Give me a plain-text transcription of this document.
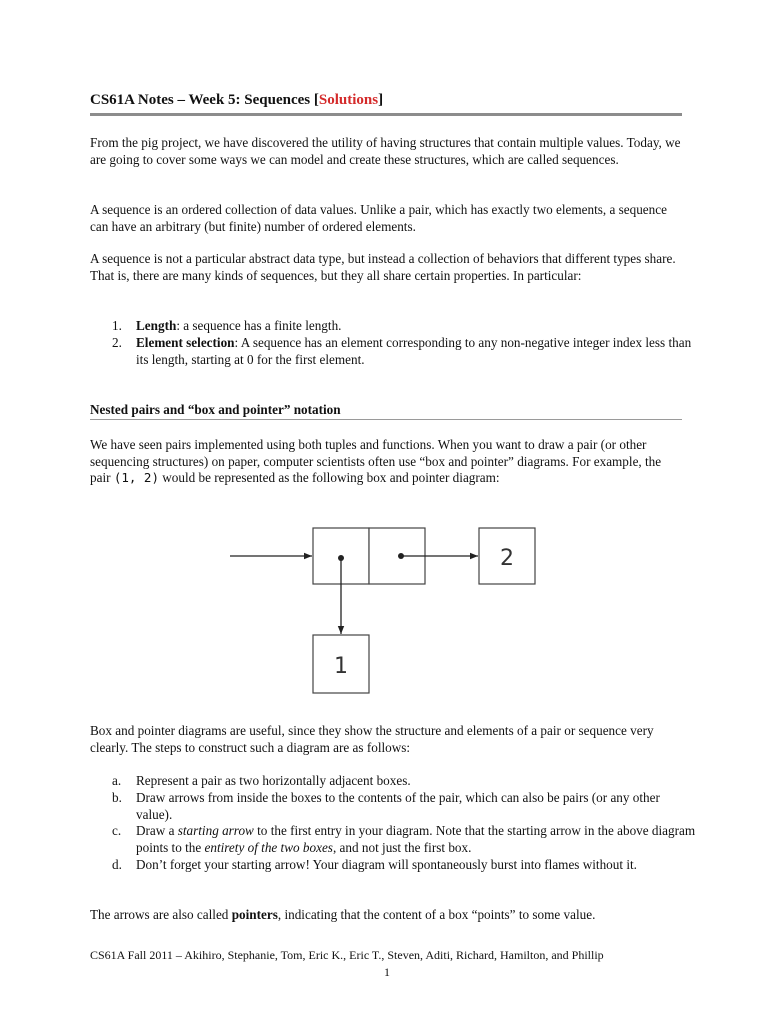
CS61A Notes – Week 5: Sequences [Solutions]

From the pig project, we have discovered the utility of having structures that contain multiple values. Today, we are going to cover some ways we can model and create these structures, which are called sequences.

A sequence is an ordered collection of data values. Unlike a pair, which has exactly two elements, a sequence can have an arbitrary (but finite) number of ordered elements.

A sequence is not a particular abstract data type, but instead a collection of behaviors that different types share. That is, there are many kinds of sequences, but they all share certain properties. In particular:

1. Length: a sequence has a finite length.
2. Element selection: A sequence has an element corresponding to any non-negative integer index less than its length, starting at 0 for the first element.
Nested pairs and “box and pointer” notation

We have seen pairs implemented using both tuples and functions. When you want to draw a pair (or other sequencing structures) on paper, computer scientists often use “box and pointer” diagrams. For example, the pair (1, 2) would be represented as the following box and pointer diagram:

2
1

Box and pointer diagrams are useful, since they show the structure and elements of a pair or sequence very clearly. The steps to construct such a diagram are as follows:

a. Represent a pair as two horizontally adjacent boxes.
b. Draw arrows from inside the boxes to the contents of the pair, which can also be pairs (or any other value).
c. Draw a starting arrow to the first entry in your diagram. Note that the starting arrow in the above diagram points to the entirety of the two boxes, and not just the first box.
d. Don’t forget your starting arrow! Your diagram will spontaneously burst into flames without it.

The arrows are also called pointers, indicating that the content of a box “points” to some value.

CS61A Fall 2011 – Akihiro, Stephanie, Tom, Eric K., Eric T., Steven, Aditi, Richard, Hamilton, and Phillip
1
